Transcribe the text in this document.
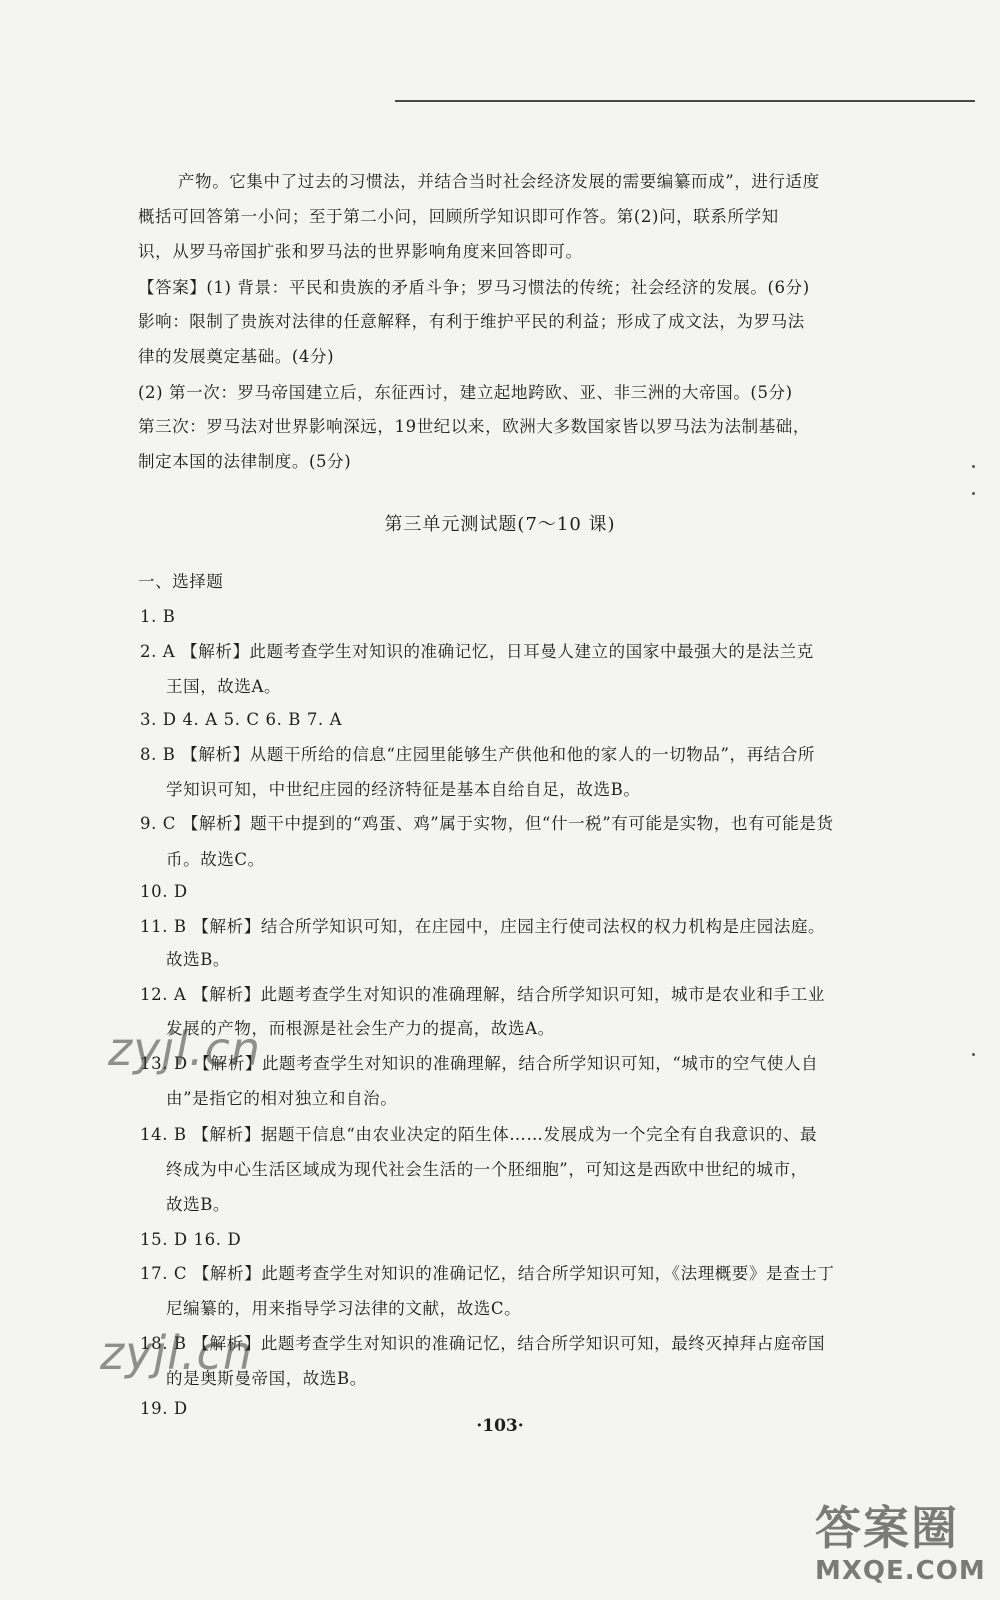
产物。它集中了过去的习惯法，并结合当时社会经济发展的需要编纂而成”，进行适度
概括可回答第一小问；至于第二小问，回顾所学知识即可作答。第(2)问，联系所学知
识，从罗马帝国扩张和罗马法的世界影响角度来回答即可。
【答案】(1) 背景：平民和贵族的矛盾斗争；罗马习惯法的传统；社会经济的发展。(6分)
影响：限制了贵族对法律的任意解释，有利于维护平民的利益；形成了成文法，为罗马法
律的发展奠定基础。(4分)
(2) 第一次：罗马帝国建立后，东征西讨，建立起地跨欧、亚、非三洲的大帝国。(5分)
第三次：罗马法对世界影响深远，19世纪以来，欧洲大多数国家皆以罗马法为法制基础，
制定本国的法律制度。(5分)
第三单元测试题(7～10 课)
一、选择题
1. B
2. A 【解析】此题考查学生对知识的准确记忆，日耳曼人建立的国家中最强大的是法兰克
王国，故选A。
3. D 4. A 5. C 6. B 7. A
8. B 【解析】从题干所给的信息“庄园里能够生产供他和他的家人的一切物品”，再结合所
学知识可知，中世纪庄园的经济特征是基本自给自足，故选B。
9. C 【解析】题干中提到的“鸡蛋、鸡”属于实物，但“什一税”有可能是实物，也有可能是货
币。故选C。
10. D
11. B 【解析】结合所学知识可知，在庄园中，庄园主行使司法权的权力机构是庄园法庭。
故选B。
12. A 【解析】此题考查学生对知识的准确理解，结合所学知识可知，城市是农业和手工业
发展的产物，而根源是社会生产力的提高，故选A。
13. D 【解析】此题考查学生对知识的准确理解，结合所学知识可知，“城市的空气使人自
由”是指它的相对独立和自治。
14. B 【解析】据题干信息“由农业决定的陌生体……发展成为一个完全有自我意识的、最
终成为中心生活区域成为现代社会生活的一个胚细胞”，可知这是西欧中世纪的城市，
故选B。
15. D 16. D
17. C 【解析】此题考查学生对知识的准确记忆，结合所学知识可知，《法理概要》是查士丁
尼编纂的，用来指导学习法律的文献，故选C。
18. B 【解析】此题考查学生对知识的准确记忆，结合所学知识可知，最终灭掉拜占庭帝国
的是奥斯曼帝国，故选B。
19. D
zyjl.cn
zyjl.cn
·103·
答案圈
MXQE.COM
